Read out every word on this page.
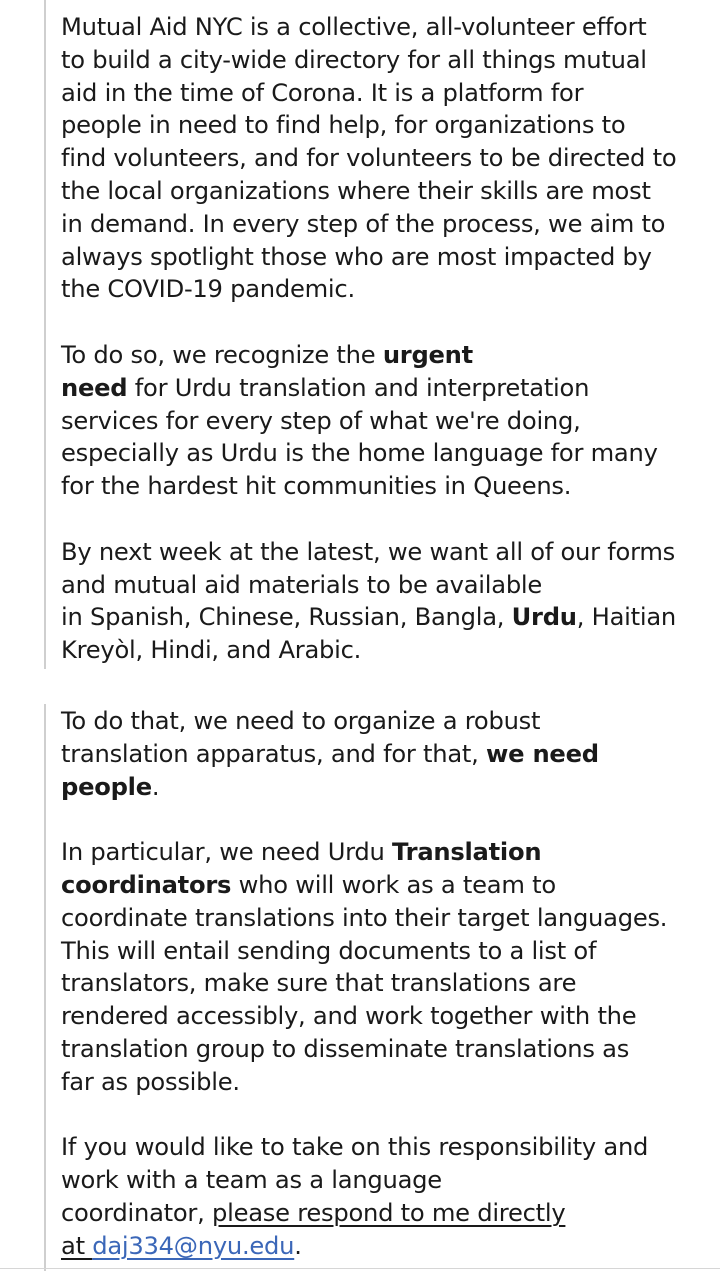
Mutual Aid NYC is a collective, all-volunteer effort
to build a city-wide directory for all things mutual
aid in the time of Corona. It is a platform for
people in need to find help, for organizations to
find volunteers, and for volunteers to be directed to
the local organizations where their skills are most
in demand. In every step of the process, we aim to
always spotlight those who are most impacted by
the COVID-19 pandemic.

To do so, we recognize the urgent
need for Urdu translation and interpretation
services for every step of what we're doing,
especially as Urdu is the home language for many
for the hardest hit communities in Queens.

By next week at the latest, we want all of our forms
and mutual aid materials to be available
in Spanish, Chinese, Russian, Bangla, Urdu, Haitian
Kreyòl, Hindi, and Arabic.

To do that, we need to organize a robust
translation apparatus, and for that, we need
people.

In particular, we need Urdu Translation
coordinators who will work as a team to
coordinate translations into their target languages.
This will entail sending documents to a list of
translators, make sure that translations are
rendered accessibly, and work together with the
translation group to disseminate translations as
far as possible.

If you would like to take on this responsibility and
work with a team as a language
coordinator, please respond to me directly
at daj334@nyu.edu.
